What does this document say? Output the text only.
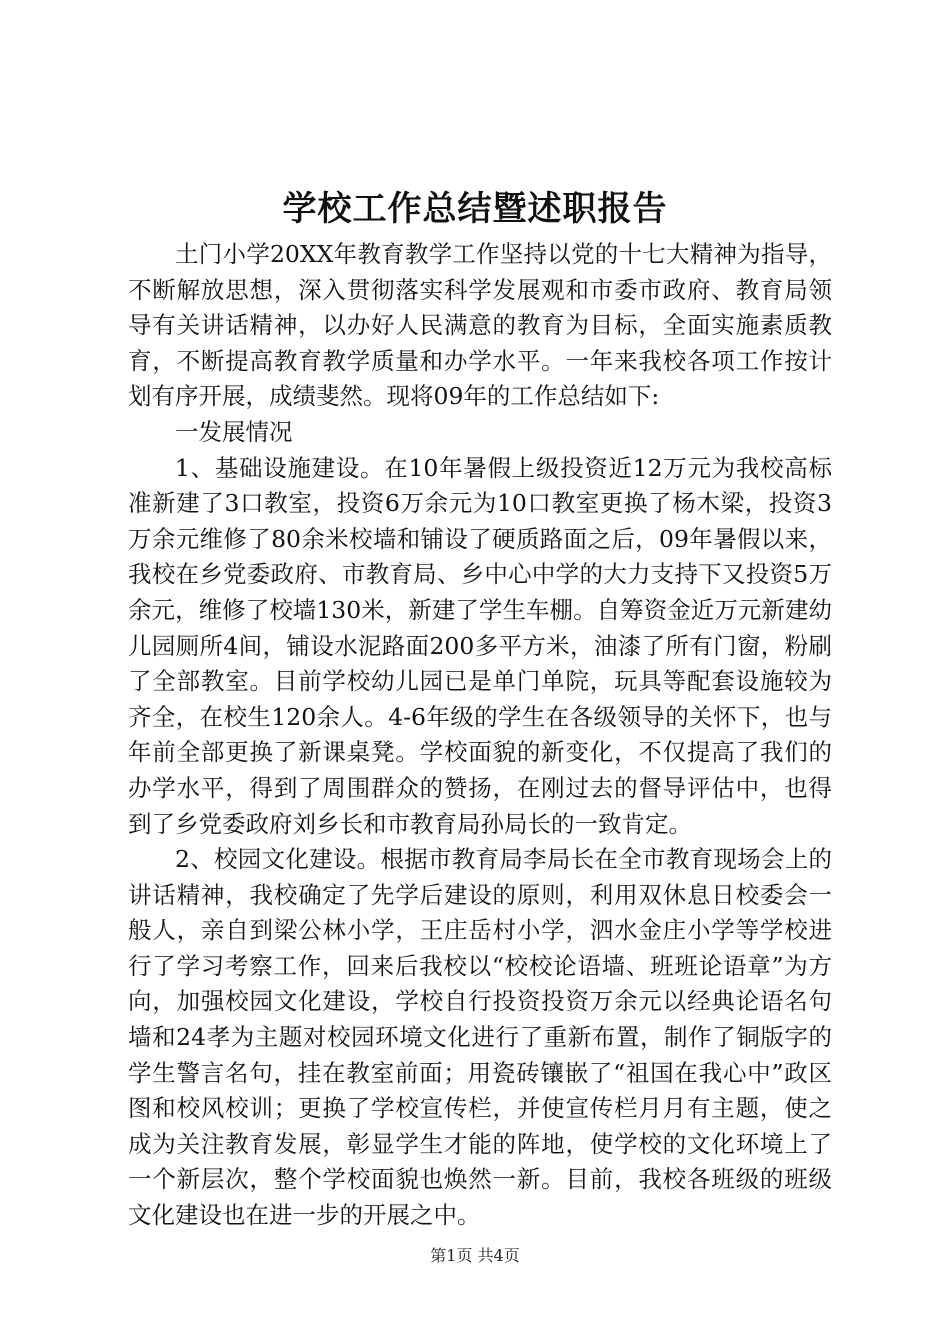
学校工作总结暨述职报告

土门小学20XX年教育教学工作坚持以党的十七大精神为指导，不断解放思想，深入贯彻落实科学发展观和市委市政府、教育局领导有关讲话精神，以办好人民满意的教育为目标，全面实施素质教育，不断提高教育教学质量和办学水平。一年来我校各项工作按计划有序开展，成绩斐然。现将09年的工作总结如下:

一发展情况

1、基础设施建设。在10年暑假上级投资近12万元为我校高标准新建了3口教室，投资6万余元为10口教室更换了杨木梁，投资3万余元维修了80余米校墙和铺设了硬质路面之后，09年暑假以来，我校在乡党委政府、市教育局、乡中心中学的大力支持下又投资5万余元，维修了校墙130米，新建了学生车棚。自筹资金近万元新建幼儿园厕所4间，铺设水泥路面200多平方米，油漆了所有门窗，粉刷了全部教室。目前学校幼儿园已是单门单院，玩具等配套设施较为齐全，在校生120余人。4-6年级的学生在各级领导的关怀下，也与年前全部更换了新课桌凳。学校面貌的新变化，不仅提高了我们的办学水平，得到了周围群众的赞扬，在刚过去的督导评估中，也得到了乡党委政府刘乡长和市教育局孙局长的一致肯定。

2、校园文化建设。根据市教育局李局长在全市教育现场会上的讲话精神，我校确定了先学后建设的原则，利用双休息日校委会一般人，亲自到梁公林小学，王庄岳村小学，泗水金庄小学等学校进行了学习考察工作，回来后我校以“校校论语墙、班班论语章”为方向，加强校园文化建设，学校自行投资投资万余元以经典论语名句墙和24孝为主题对校园环境文化进行了重新布置，制作了铜版字的学生警言名句，挂在教室前面；用瓷砖镶嵌了“祖国在我心中”政区图和校风校训；更换了学校宣传栏，并使宣传栏月月有主题，使之成为关注教育发展，彰显学生才能的阵地，使学校的文化环境上了一个新层次，整个学校面貌也焕然一新。目前，我校各班级的班级文化建设也在进一步的开展之中。

第1页 共4页
